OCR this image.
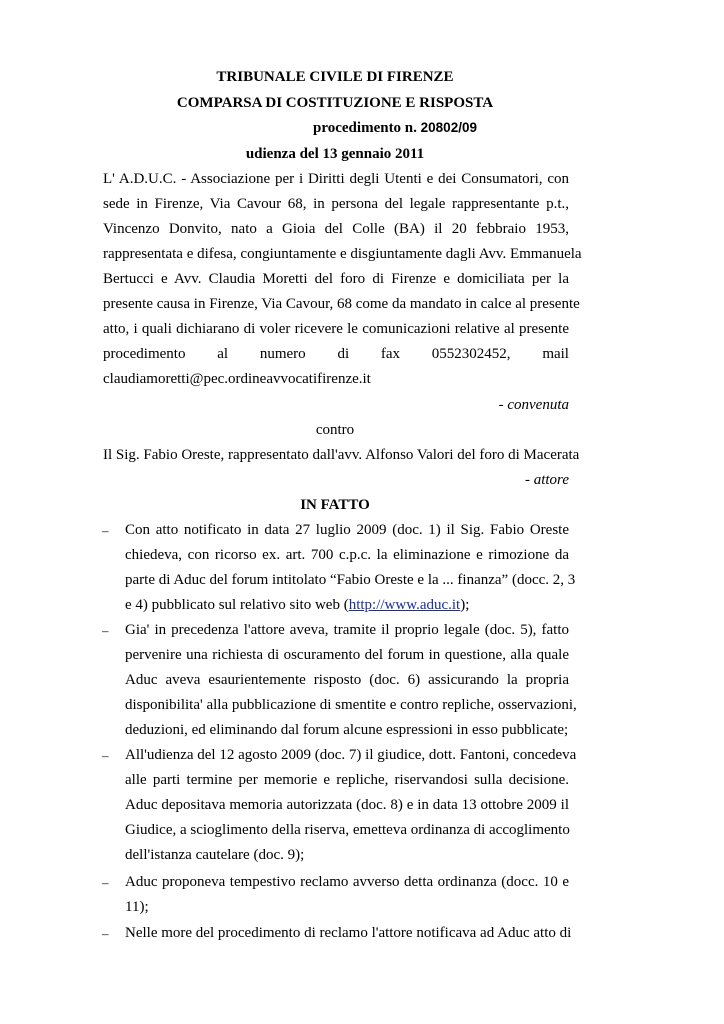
TRIBUNALE CIVILE DI FIRENZE
COMPARSA DI COSTITUZIONE E RISPOSTA
procedimento n. 20802/09
udienza del 13 gennaio 2011
L' A.D.U.C. - Associazione per i Diritti degli Utenti e dei Consumatori, con
sede in Firenze, Via Cavour 68, in persona del legale rappresentante p.t.,
Vincenzo Donvito, nato a Gioia del Colle (BA) il 20 febbraio 1953,
rappresentata e difesa, congiuntamente e disgiuntamente dagli Avv. Emmanuela
Bertucci e Avv. Claudia Moretti del foro di Firenze e domiciliata per la
presente causa in Firenze, Via Cavour, 68 come da mandato in calce al presente
atto, i quali dichiarano di voler ricevere le comunicazioni relative al presente
procedimento al numero di fax 0552302452, mail
claudiamoretti@pec.ordineavvocatifirenze.it
- convenuta
contro
Il Sig. Fabio Oreste, rappresentato dall'avv. Alfonso Valori del foro di Macerata
- attore
IN FATTO
–	Con atto notificato in data 27 luglio 2009 (doc. 1) il Sig. Fabio Oreste
chiedeva, con ricorso ex. art. 700 c.p.c. la eliminazione e rimozione da
parte di Aduc del forum intitolato “Fabio Oreste e la ... finanza” (docc. 2, 3
e 4) pubblicato sul relativo sito web (http://www.aduc.it);
–	Gia' in precedenza l'attore aveva, tramite il proprio legale (doc. 5), fatto
pervenire una richiesta di oscuramento del forum in questione, alla quale
Aduc aveva esaurientemente risposto (doc. 6) assicurando la propria
disponibilita' alla pubblicazione di smentite e contro repliche, osservazioni,
deduzioni, ed eliminando dal forum alcune espressioni in esso pubblicate;
–	All'udienza del 12 agosto 2009 (doc. 7) il giudice, dott. Fantoni, concedeva
alle parti termine per memorie e repliche, riservandosi sulla decisione.
Aduc depositava memoria autorizzata (doc. 8) e in data 13 ottobre 2009 il
Giudice, a scioglimento della riserva, emetteva ordinanza di accoglimento
dell'istanza cautelare (doc. 9);
–	Aduc proponeva tempestivo reclamo avverso detta ordinanza (docc. 10 e
11);
–	Nelle more del procedimento di reclamo l'attore notificava ad Aduc atto di
